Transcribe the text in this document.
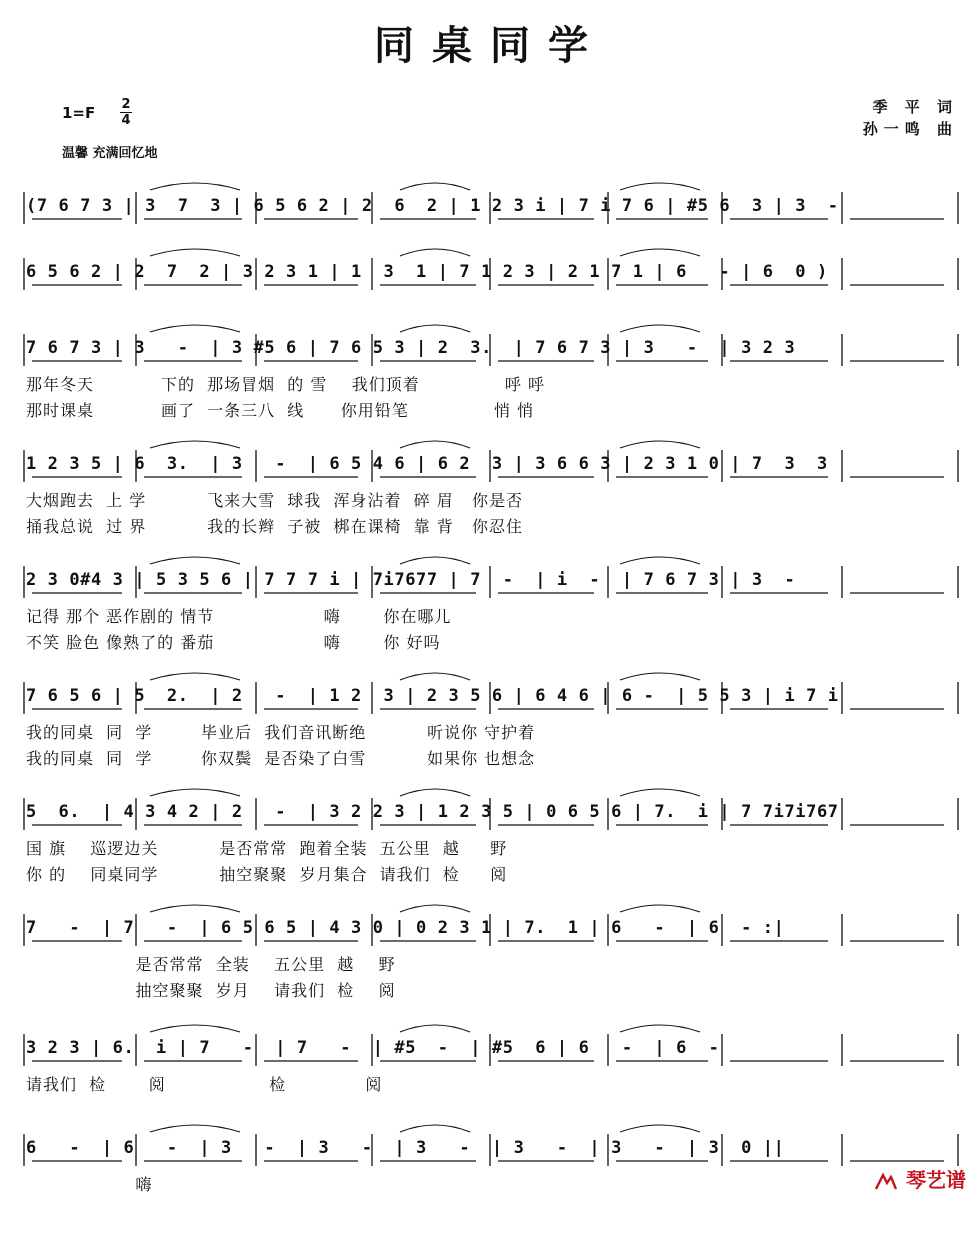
同桌同学
1=F 2
4
温馨 充满回忆地
季 平 词
孙一鸣 曲
(7 6 7 3 | 3  7  3 | 6 5 6 2 | 2  6  2 | 1 2 3 i | 7 i 7 6 | #5 6  3 | 3  -
6 5 6 2 | 2  7  2 | 3 2 3 1 | 1  3  1 | 7 1 2 3 | 2 1 7 1 | 6   - | 6  0 )
7 6 7 3 | 3   -  | 3 #5 6 | 7 6 5 3 | 2  3.  | 7 6 7 3 | 3   -  | 3 2 3
那年冬天           下的  那场冒烟  的 雪    我们顶着              呼 呼
那时课桌           画了  一条三八  线      你用铅笔              悄 悄
1 2 3 5 | 6  3.  | 3   -  | 6 5 4 6 | 6 2  3 | 3 6 6 3 | 2 3 1 0 | 7  3  3
大烟跑去  上 学          飞来大雪  球我  浑身沾着  碎 眉   你是否
捅我总说  过 界          我的长辫  子被  梆在课椅  靠 背   你忍住
2 3 0#4 3 | 5 3 5 6 | 7 7 7 i | 7i7677 | 7  -  | i  -  | 7 6 7 3 | 3  -
记得 那个 恶作剧的 情节                  嗨       你在哪儿
不笑 脸色 像熟了的 番茄                  嗨       你 好吗
7 6 5 6 | 5  2.  | 2   -  | 1 2  3 | 2 3 5 6 | 6 4 6 | 6 -  | 5 5 3 | i 7 i
我的同桌  同  学        毕业后  我们音讯断绝          听说你 守护着
我的同桌  同  学        你双鬓  是否染了白雪          如果你 也想念
5  6.  | 4 3 4 2 | 2   -  | 3 2 2 3 | 1 2 3 5 | 0 6 5 6 | 7.  i | 7 7i7i767
国 旗    巡逻边关          是否常常  跑着全装  五公里  越     野
你 的    同桌同学          抽空聚聚  岁月集合  请我们  检     阅
7   -  | 7   -  | 6 5 6 5 | 4 3 0 | 0 2 3 1 | 7.  1 | 6   -  | 6  - :|
是否常常  全装    五公里  越    野
抽空聚聚  岁月    请我们  检    阅
3 2 3 | 6.  i | 7   -  | 7   -  | #5  -  | #5  6 | 6   -  | 6  -
请我们  检       阅                 检             阅
6   -  | 6   -  | 3   -  | 3   -  | 3   -  | 3   -  | 3   -  | 3  0 ||
嗨	琴艺谱
